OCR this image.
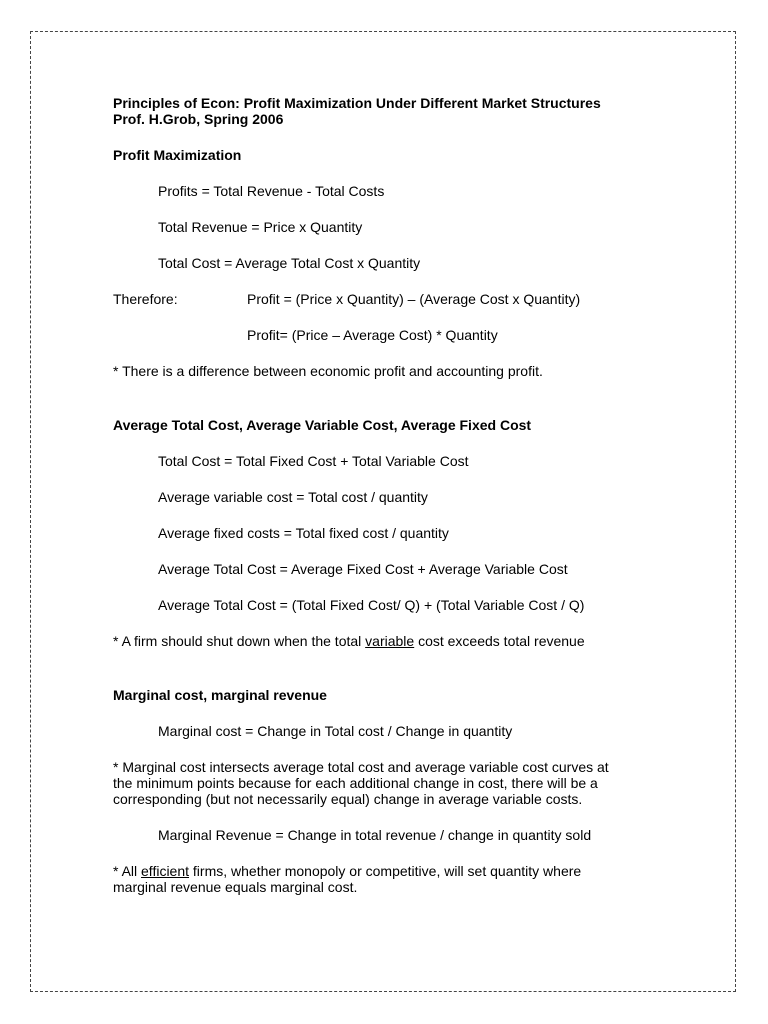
Principles of Econ: Profit Maximization Under Different Market Structures
Prof. H.Grob, Spring 2006
Profit Maximization
Profits = Total Revenue - Total Costs
Total Revenue = Price x Quantity
Total Cost = Average Total Cost x Quantity
Therefore:	Profit = (Price x Quantity) – (Average Cost x Quantity)
Profit= (Price – Average Cost) * Quantity
* There is a difference between economic profit and accounting profit.
Average Total Cost, Average Variable Cost, Average Fixed Cost
Total Cost = Total Fixed Cost + Total Variable Cost
Average variable cost = Total cost / quantity
Average fixed costs = Total fixed cost / quantity
Average Total Cost = Average Fixed Cost + Average Variable Cost
Average Total Cost = (Total Fixed Cost/ Q) + (Total Variable Cost / Q)
* A firm should shut down when the total variable cost exceeds total revenue
Marginal cost, marginal revenue
Marginal cost = Change in Total cost / Change in quantity
* Marginal cost intersects average total cost and average variable cost curves at
the minimum points because for each additional change in cost, there will be a
corresponding (but not necessarily equal) change in average variable costs.
Marginal Revenue = Change in total revenue / change in quantity sold
* All efficient firms, whether monopoly or competitive, will set quantity where
marginal revenue equals marginal cost.
